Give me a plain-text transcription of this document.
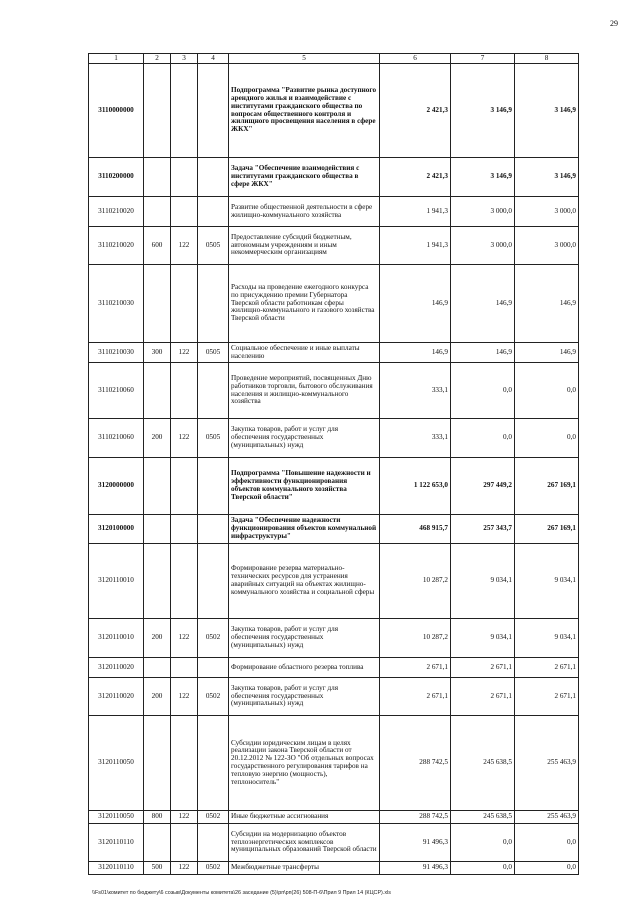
29
1	2	3	4	5	6	7	8
3110000000				Подпрограмма "Развитие рынка доступного арендного жилья и взаимодействие с институтами гражданского общества по вопросам общественного контроля и жилищного просвещения населения в сфере ЖКХ"	2 421,3	3 146,9	3 146,9
3110200000				Задача "Обеспечение взаимодействия с институтами гражданского общества в сфере ЖКХ"	2 421,3	3 146,9	3 146,9
3110210020				Развитие общественной деятельности в сфере жилищно-коммунального хозяйства	1 941,3	3 000,0	3 000,0
3110210020	600	122	0505	Предоставление субсидий бюджетным, автономным учреждениям и иным некоммерческим организациям	1 941,3	3 000,0	3 000,0
3110210030				Расходы на проведение ежегодного конкурса по присуждению премии Губернатора Тверской области работникам сферы жилищно-коммунального и газового хозяйства Тверской области	146,9	146,9	146,9
3110210030	300	122	0505	Социальное обеспечение и иные выплаты населению	146,9	146,9	146,9
3110210060				Проведение мероприятий, посвященных Дню работников торговли, бытового обслуживания населения и жилищно-коммунального хозяйства	333,1	0,0	0,0
3110210060	200	122	0505	Закупка товаров, работ и услуг для обеспечения государственных (муниципальных) нужд	333,1	0,0	0,0
3120000000				Подпрограмма "Повышение надежности и эффективности функционирования объектов коммунального хозяйства Тверской области"	1 122 653,0	297 449,2	267 169,1
3120100000				Задача "Обеспечение надежности функционирования объектов коммунальной инфраструктуры"	468 915,7	257 343,7	267 169,1
3120110010				Формирование резерва материально-технических ресурсов для устранения аварийных ситуаций на объектах жилищно-коммунального хозяйства и социальной сферы	10 287,2	9 034,1	9 034,1
3120110010	200	122	0502	Закупка товаров, работ и услуг для обеспечения государственных (муниципальных) нужд	10 287,2	9 034,1	9 034,1
3120110020				Формирование областного резерва топлива	2 671,1	2 671,1	2 671,1
3120110020	200	122	0502	Закупка товаров, работ и услуг для обеспечения государственных (муниципальных) нужд	2 671,1	2 671,1	2 671,1
3120110050				Субсидии юридическим лицам в целях реализации закона Тверской области от 20.12.2012 № 122-ЗО "Об отдельных вопросах государственного регулирования тарифов на тепловую энергию (мощность), теплоноситель"	288 742,5	245 638,5	255 463,9
3120110050	800	122	0502	Иные бюджетные ассигнования	288 742,5	245 638,5	255 463,9
3120110110				Субсидии на модернизацию объектов теплоэнергетических комплексов муниципальных образований Тверской области	91 496,3	0,0	0,0
3120110110	500	122	0502	Межбюджетные трансферты	91 496,3	0,0	0,0
\\Fs01\комитет по бюджету\6 созыв\Документы комитета\26 заседание (5)\рп\рп(26) 508-П-6\Прил 9 Прил 14 (КЦСР).xls
